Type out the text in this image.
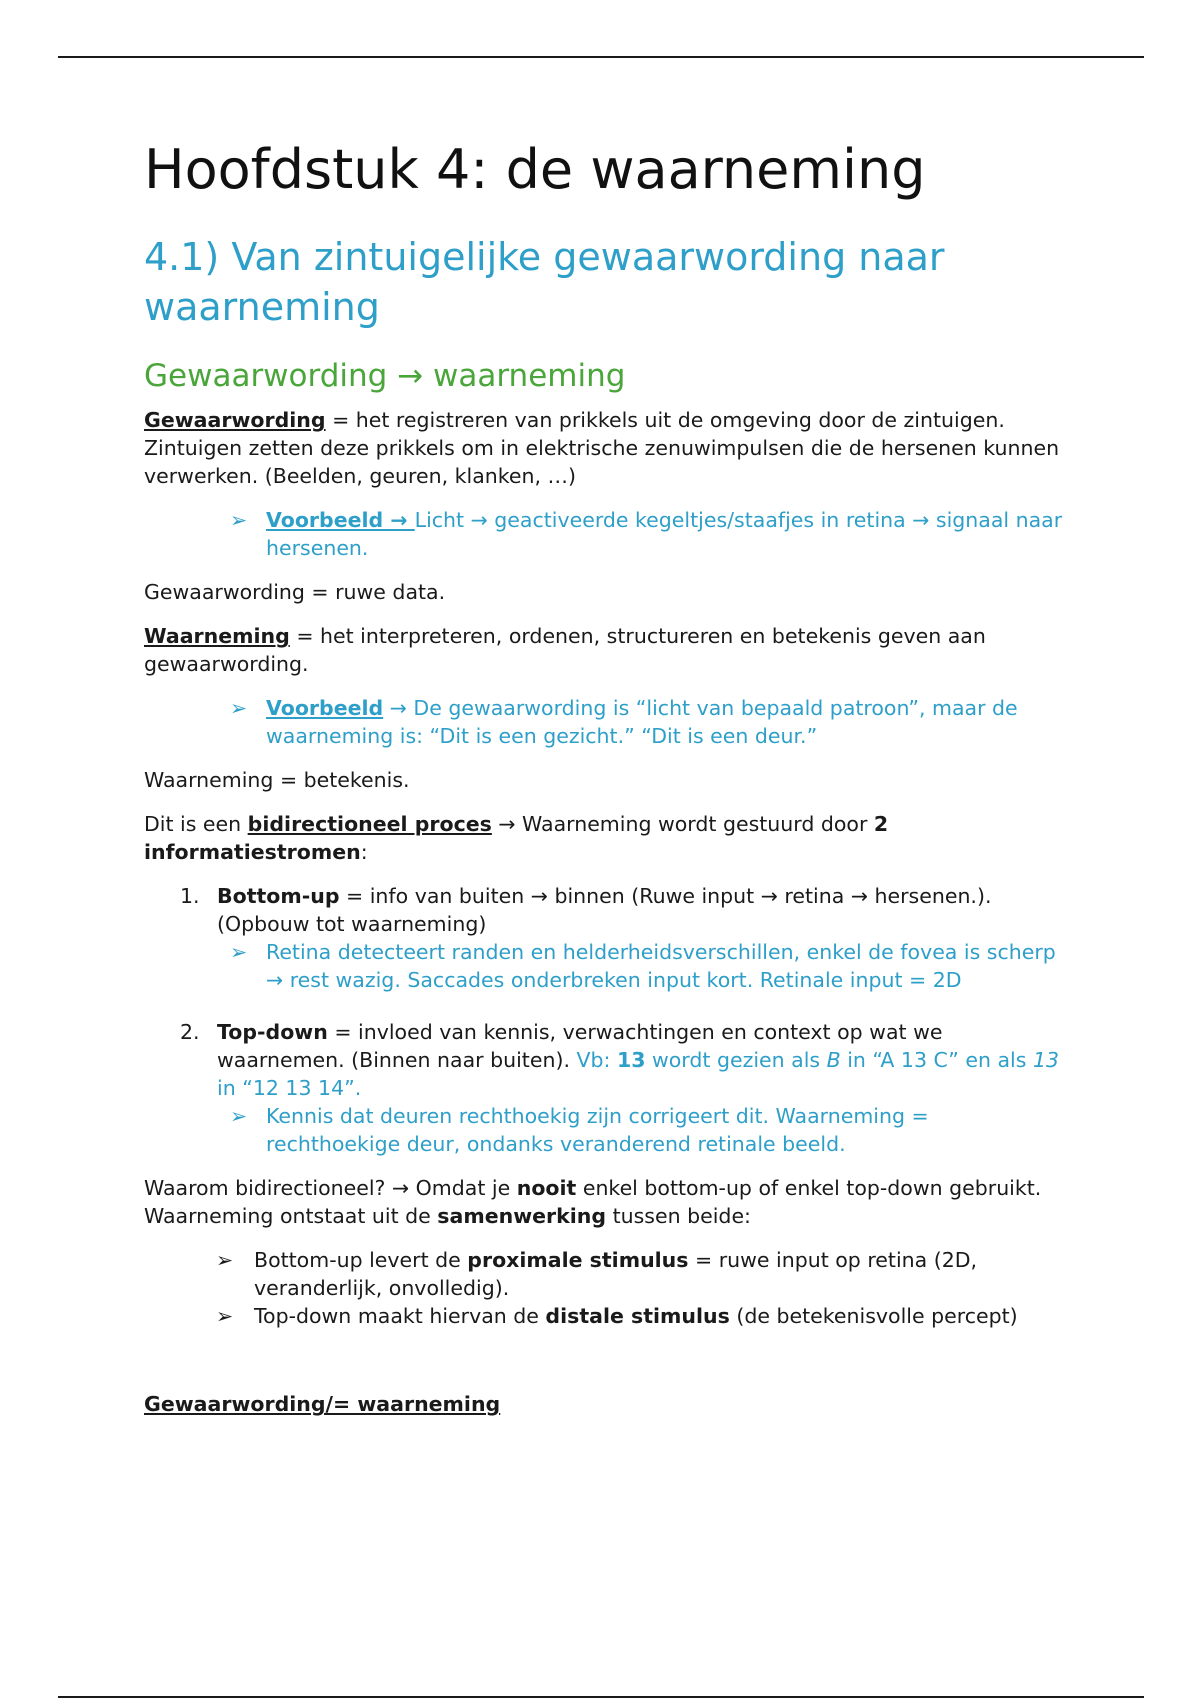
Hoofdstuk 4: de waarneming
4.1) Van zintuigelijke gewaarwording naar waarneming
Gewaarwording → waarneming

Gewaarwording = het registreren van prikkels uit de omgeving door de zintuigen.
Zintuigen zetten deze prikkels om in elektrische zenuwimpulsen die de hersenen kunnen verwerken. (Beelden, geuren, klanken, …)

➢ Voorbeeld → Licht → geactiveerde kegeltjes/staafjes in retina → signaal naar hersenen.

Gewaarwording = ruwe data.

Waarneming = het interpreteren, ordenen, structureren en betekenis geven aan gewaarwording.

➢ Voorbeeld → De gewaarwording is “licht van bepaald patroon”, maar de waarneming is: “Dit is een gezicht.” “Dit is een deur.”

Waarneming = betekenis.

Dit is een bidirectioneel proces → Waarneming wordt gestuurd door 2 informatiestromen:

1. Bottom-up = info van buiten → binnen (Ruwe input → retina → hersenen.). (Opbouw tot waarneming)
➢ Retina detecteert randen en helderheidsverschillen, enkel de fovea is scherp → rest wazig. Saccades onderbreken input kort. Retinale input = 2D
2. Top-down = invloed van kennis, verwachtingen en context op wat we waarnemen. (Binnen naar buiten). Vb: 13 wordt gezien als B in “A 13 C” en als 13 in “12 13 14”.
➢ Kennis dat deuren rechthoekig zijn corrigeert dit. Waarneming = rechthoekige deur, ondanks veranderend retinale beeld.

Waarom bidirectioneel? → Omdat je nooit enkel bottom-up of enkel top-down gebruikt.
Waarneming ontstaat uit de samenwerking tussen beide:

➢ Bottom-up levert de proximale stimulus = ruwe input op retina (2D, veranderlijk, onvolledig).
➢ Top-down maakt hiervan de distale stimulus (de betekenisvolle percept)

Gewaarwording/= waarneming
